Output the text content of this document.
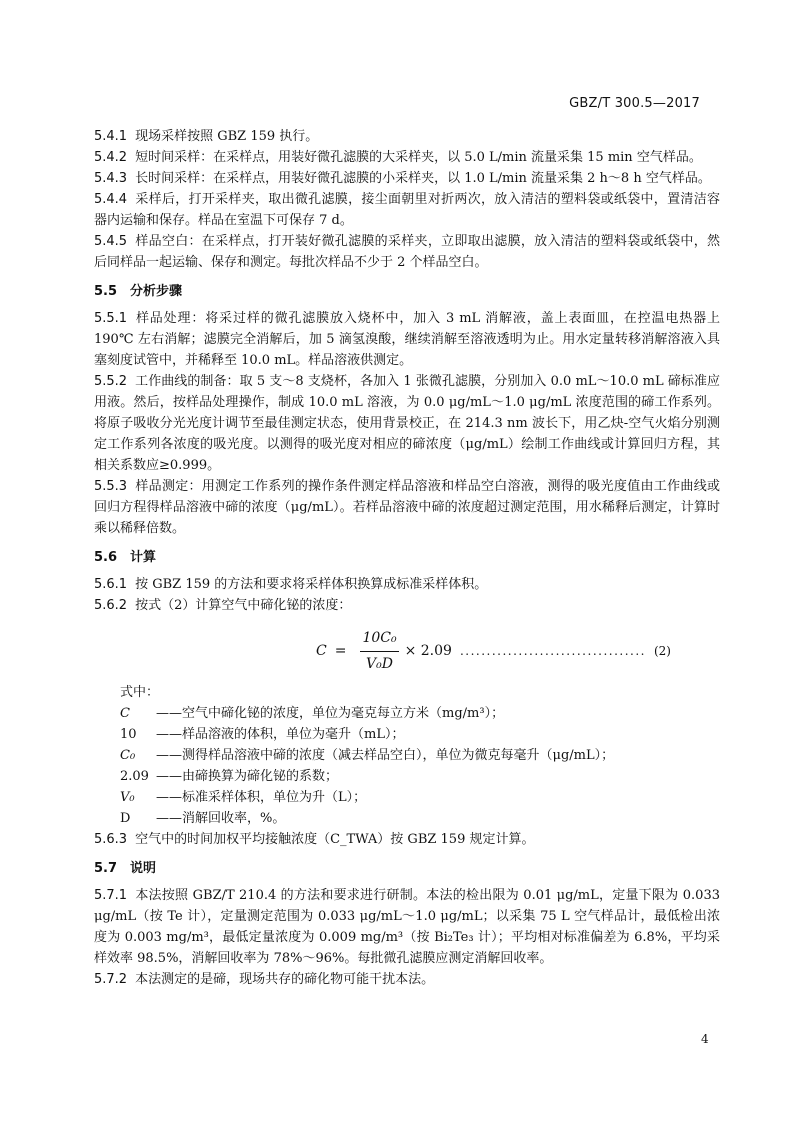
GBZ/T 300.5—2017

5.4.1 现场采样按照 GBZ 159 执行。

5.4.2 短时间采样：在采样点，用装好微孔滤膜的大采样夹，以 5.0 L/min 流量采集 15 min 空气样品。

5.4.3 长时间采样：在采样点，用装好微孔滤膜的小采样夹，以 1.0 L/min 流量采集 2 h～8 h 空气样品。

5.4.4 采样后，打开采样夹，取出微孔滤膜，接尘面朝里对折两次，放入清洁的塑料袋或纸袋中，置清洁容器内运输和保存。样品在室温下可保存 7 d。

5.4.5 样品空白：在采样点，打开装好微孔滤膜的采样夹，立即取出滤膜，放入清洁的塑料袋或纸袋中，然后同样品一起运输、保存和测定。每批次样品不少于 2 个样品空白。

5.5　分析步骤

5.5.1 样品处理：将采过样的微孔滤膜放入烧杯中，加入 3 mL 消解液，盖上表面皿，在控温电热器上 190℃ 左右消解；滤膜完全消解后，加 5 滴氢溴酸，继续消解至溶液透明为止。用水定量转移消解溶液入具塞刻度试管中，并稀释至 10.0 mL。样品溶液供测定。

5.5.2 工作曲线的制备：取 5 支～8 支烧杯，各加入 1 张微孔滤膜，分别加入 0.0 mL～10.0 mL 碲标准应用液。然后，按样品处理操作，制成 10.0 mL 溶液，为 0.0 μg/mL～1.0 μg/mL 浓度范围的碲工作系列。将原子吸收分光光度计调节至最佳测定状态，使用背景校正，在 214.3 nm 波长下，用乙炔-空气火焰分别测定工作系列各浓度的吸光度。以测得的吸光度对相应的碲浓度（μg/mL）绘制工作曲线或计算回归方程，其相关系数应≥0.999。

5.5.3 样品测定：用测定工作系列的操作条件测定样品溶液和样品空白溶液，测得的吸光度值由工作曲线或回归方程得样品溶液中碲的浓度（μg/mL）。若样品溶液中碲的浓度超过测定范围，用水稀释后测定，计算时乘以稀释倍数。

5.6　计算

5.6.1 按 GBZ 159 的方法和要求将采样体积换算成标准采样体积。

5.6.2 按式（2）计算空气中碲化铋的浓度：

$C = \frac{\text{10C₀}}{\text{V₀D}} \times 2.09$ ................................... (2)
式中：
C	——空气中碲化铋的浓度，单位为毫克每立方米（mg/m³）；
10	——样品溶液的体积，单位为毫升（mL）；
C₀	——测得样品溶液中碲的浓度（减去样品空白），单位为微克每毫升（μg/mL）；
2.09 ——由碲换算为碲化铋的系数；
V₀	——标准采样体积，单位为升（L）；
D	——消解回收率，%。

5.6.3 空气中的时间加权平均接触浓度（C_TWA）按 GBZ 159 规定计算。

5.7　说明

5.7.1 本法按照 GBZ/T 210.4 的方法和要求进行研制。本法的检出限为 0.01 μg/mL，定量下限为 0.033 μg/mL（按 Te 计），定量测定范围为 0.033 μg/mL～1.0 μg/mL；以采集 75 L 空气样品计，最低检出浓度为 0.003 mg/m³，最低定量浓度为 0.009 mg/m³（按 Bi₂Te₃ 计）；平均相对标准偏差为 6.8%，平均采样效率 98.5%，消解回收率为 78%～96%。每批微孔滤膜应测定消解回收率。

5.7.2 本法测定的是碲，现场共存的碲化物可能干扰本法。

4
